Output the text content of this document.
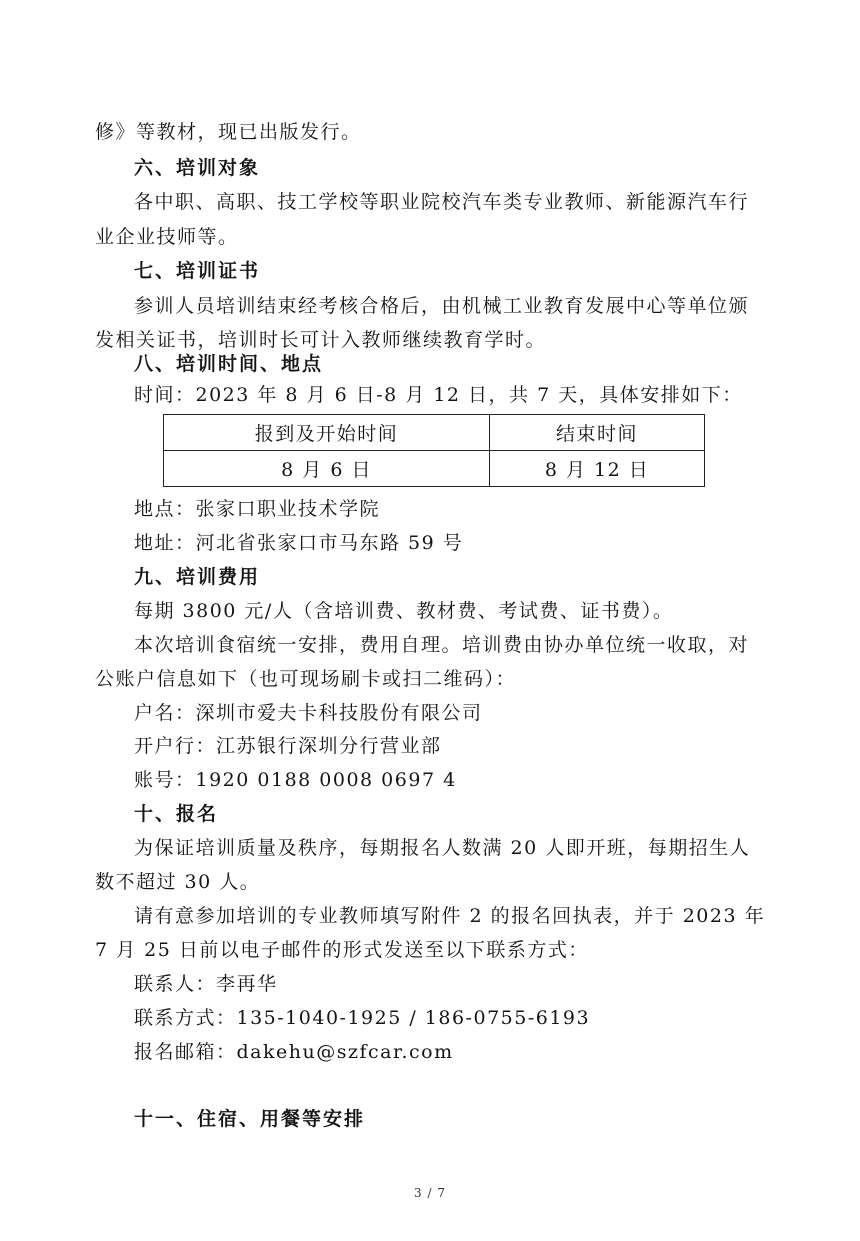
修》等教材，现已出版发行。
六、培训对象
各中职、高职、技工学校等职业院校汽车类专业教师、新能源汽车行
业企业技师等。
七、培训证书
参训人员培训结束经考核合格后，由机械工业教育发展中心等单位颁
发相关证书，培训时长可计入教师继续教育学时。
八、培训时间、地点
时间：2023 年 8 月 6 日-8 月 12 日，共 7 天，具体安排如下：
报到及开始时间	结束时间
8 月 6 日	8 月 12 日
地点：张家口职业技术学院
地址：河北省张家口市马东路 59 号
九、培训费用
每期 3800 元/人（含培训费、教材费、考试费、证书费）。
本次培训食宿统一安排，费用自理。培训费由协办单位统一收取，对
公账户信息如下（也可现场刷卡或扫二维码）：
户名：深圳市爱夫卡科技股份有限公司
开户行：江苏银行深圳分行营业部
账号：1920 0188 0008 0697 4
十、报名
为保证培训质量及秩序，每期报名人数满 20 人即开班，每期招生人
数不超过 30 人。
请有意参加培训的专业教师填写附件 2 的报名回执表，并于 2023 年
7 月 25 日前以电子邮件的形式发送至以下联系方式：
联系人：李再华
联系方式：135-1040-1925 / 186-0755-6193
报名邮箱：dakehu@szfcar.com
十一、住宿、用餐等安排
3 / 7
